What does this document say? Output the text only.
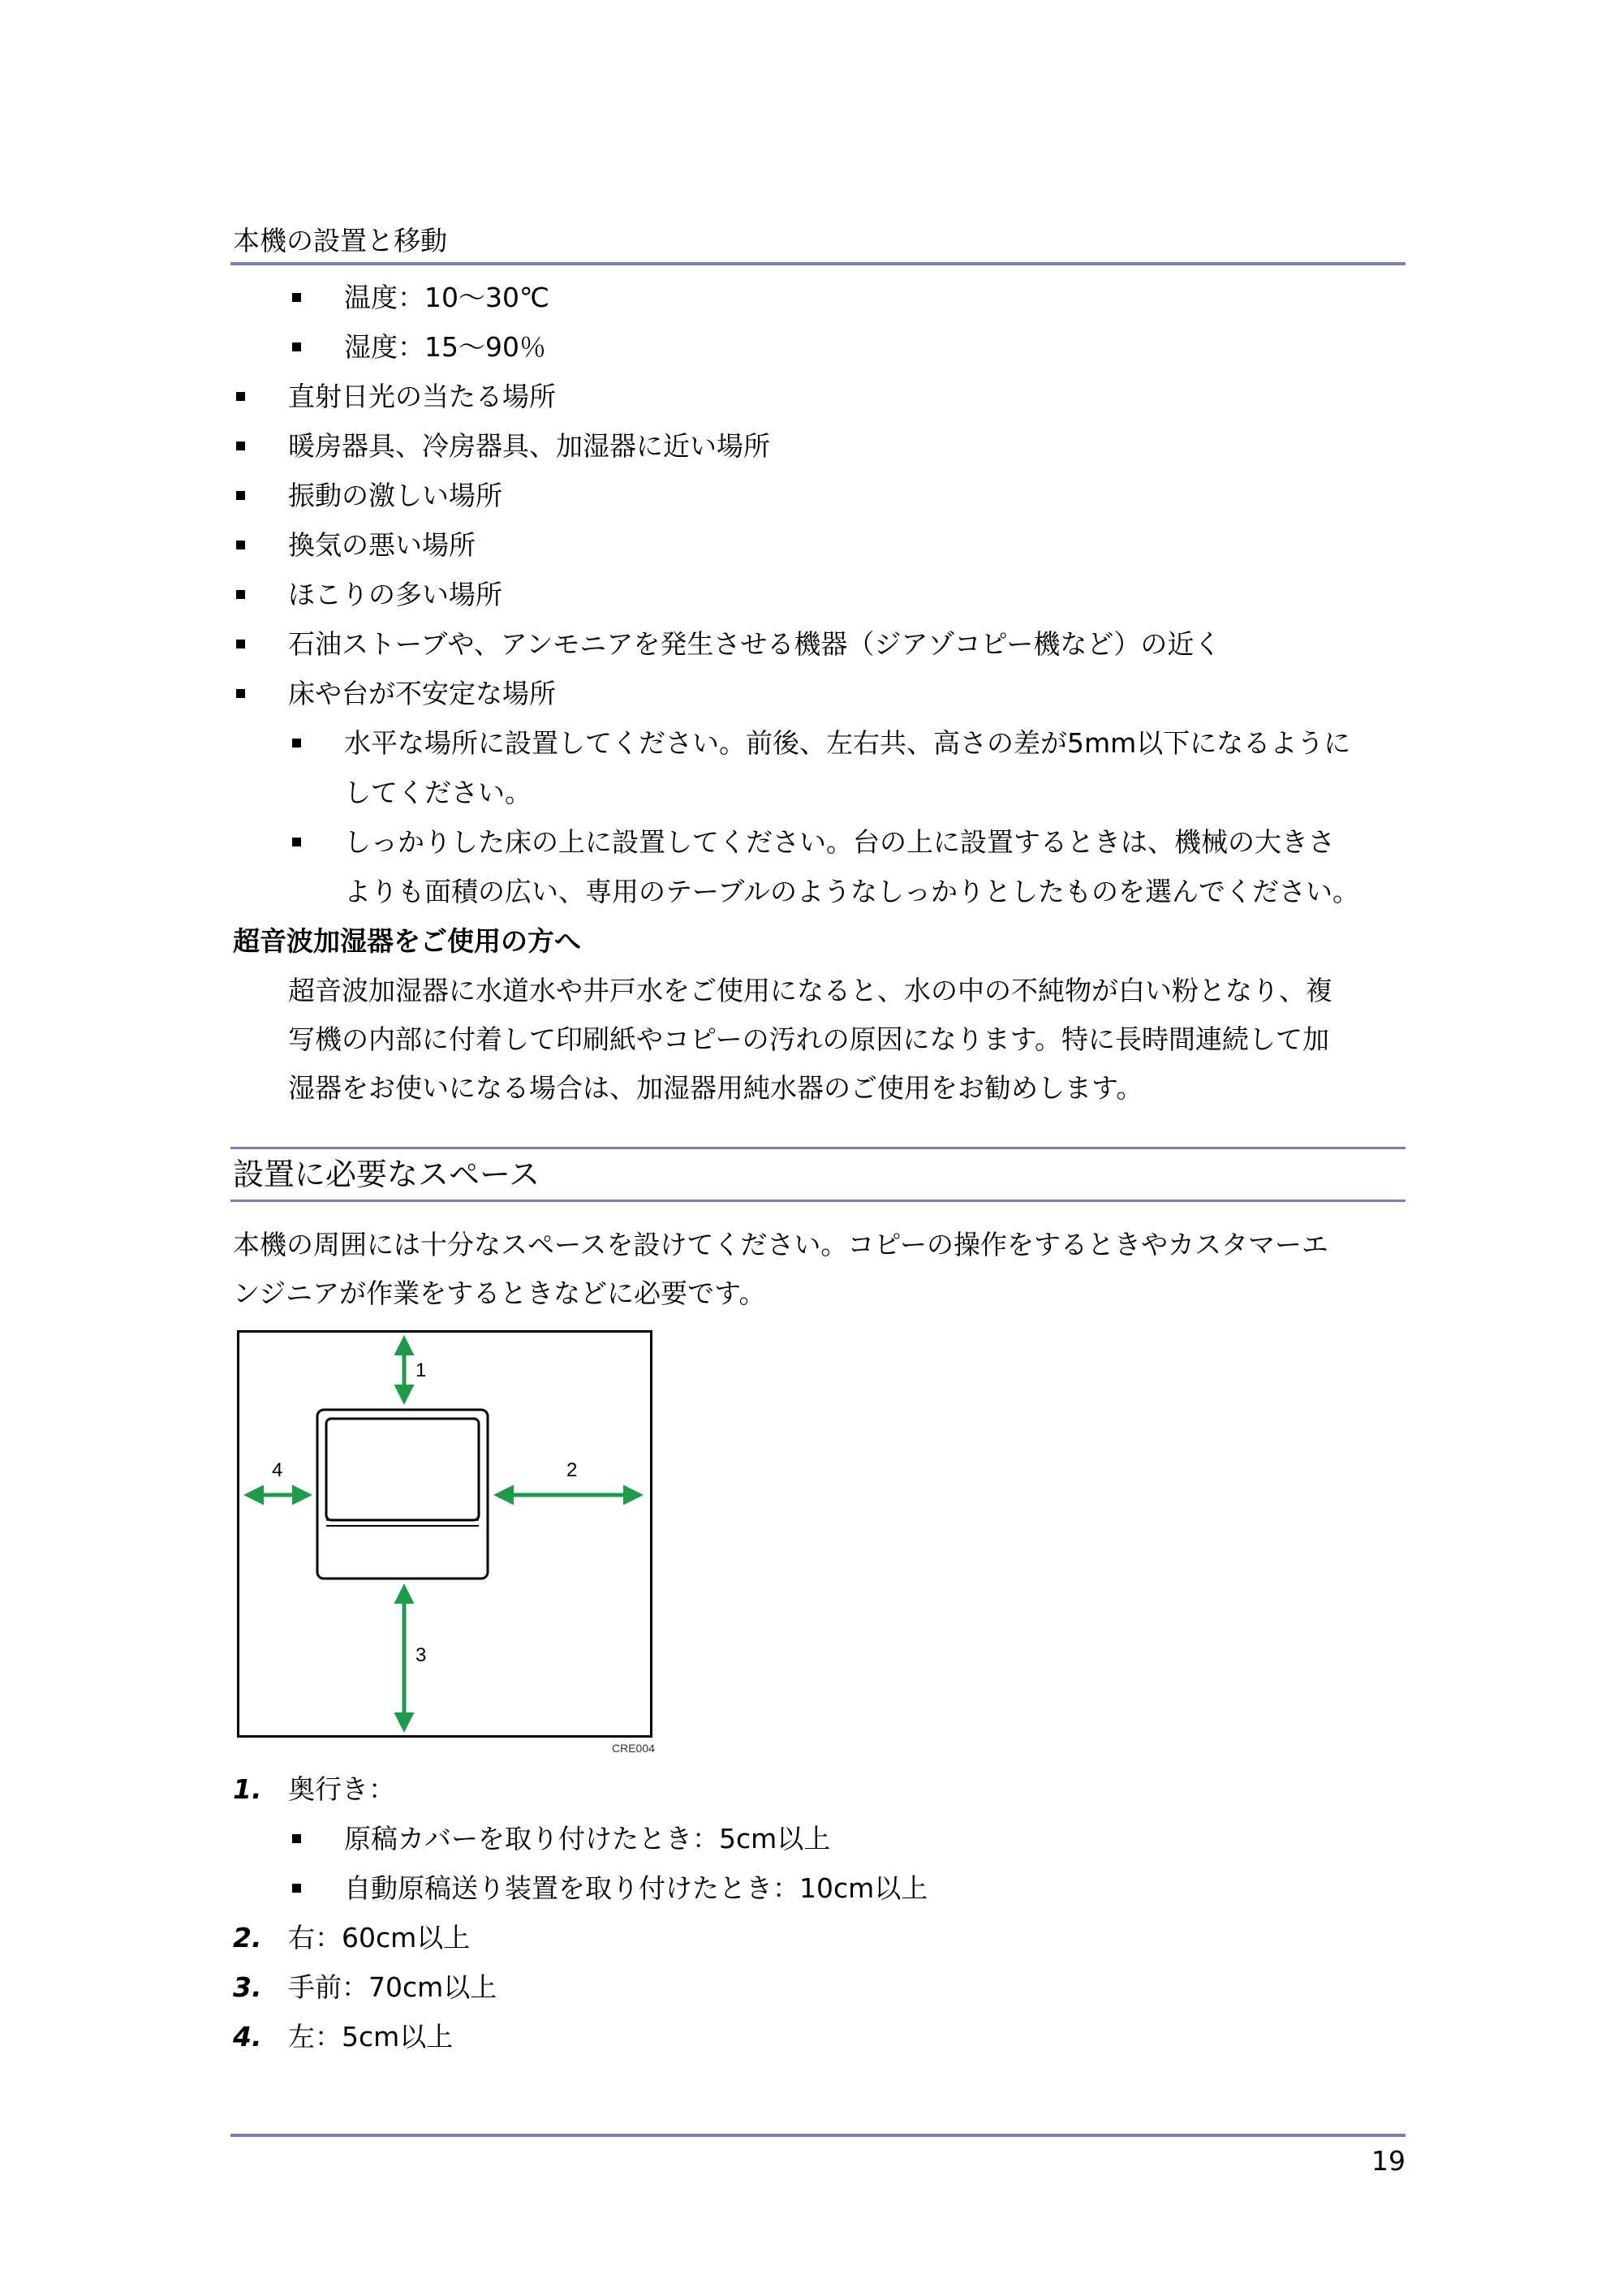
本機の設置と移動
温度：10～30℃
湿度：15～90％
直射日光の当たる場所
暖房器具、冷房器具、加湿器に近い場所
振動の激しい場所
換気の悪い場所
ほこりの多い場所
石油ストーブや、アンモニアを発生させる機器（ジアゾコピー機など）の近く
床や台が不安定な場所
水平な場所に設置してください。前後、左右共、高さの差が5mm以下になるように
してください。
しっかりした床の上に設置してください。台の上に設置するときは、機械の大きさ
よりも面積の広い、専用のテーブルのようなしっかりとしたものを選んでください。
超音波加湿器をご使用の方へ
超音波加湿器に水道水や井戸水をご使用になると、水の中の不純物が白い粉となり、複
写機の内部に付着して印刷紙やコピーの汚れの原因になります。特に長時間連続して加
湿器をお使いになる場合は、加湿器用純水器のご使用をお勧めします。
設置に必要なスペース
本機の周囲には十分なスペースを設けてください。コピーの操作をするときやカスタマーエ
ンジニアが作業をするときなどに必要です。
1
2
3
4
CRE004
1. 奥行き：
原稿カバーを取り付けたとき：5cm以上
自動原稿送り装置を取り付けたとき：10cm以上
2. 右：60cm以上
3. 手前：70cm以上
4. 左：5cm以上
19
